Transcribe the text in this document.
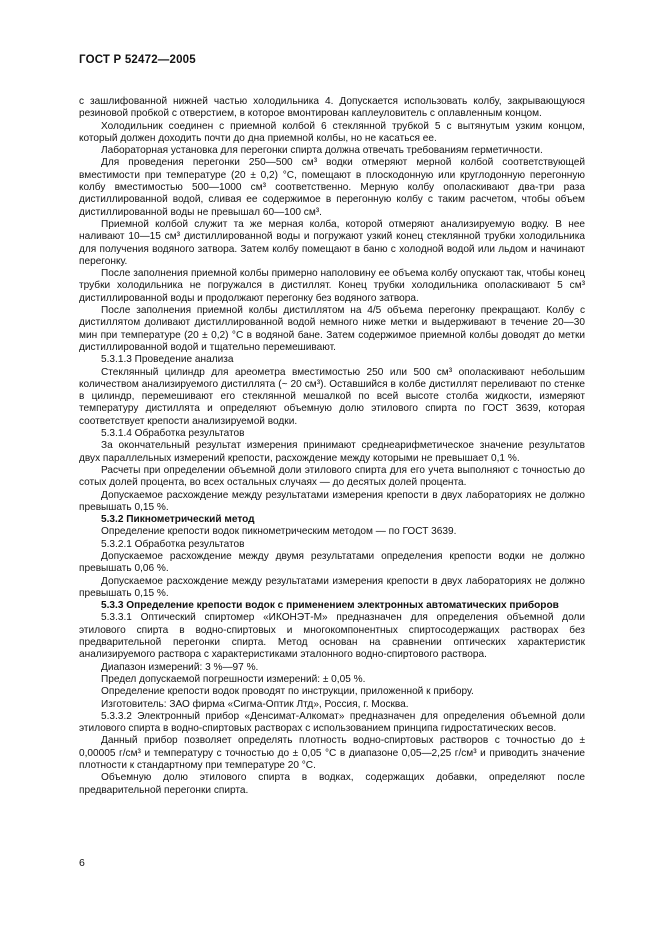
ГОСТ Р 52472—2005

с зашлифованной нижней частью холодильника 4. Допускается использовать колбу, закрывающуюся резиновой пробкой с отверстием, в которое вмонтирован каплеуловитель с оплавленным концом.

Холодильник соединен с приемной колбой 6 стеклянной трубкой 5 с вытянутым узким концом, который должен доходить почти до дна приемной колбы, но не касаться ее.

Лабораторная установка для перегонки спирта должна отвечать требованиям герметичности.

Для проведения перегонки 250—500 см³ водки отмеряют мерной колбой соответствующей вместимости при температуре (20 ± 0,2) °С, помещают в плоскодонную или круглодонную перегонную колбу вместимостью 500—1000 см³ соответственно. Мерную колбу ополаскивают два-три раза дистиллированной водой, сливая ее содержимое в перегонную колбу с таким расчетом, чтобы объем дистиллированной воды не превышал 60—100 см³.

Приемной колбой служит та же мерная колба, которой отмеряют анализируемую водку. В нее наливают 10—15 см³ дистиллированной воды и погружают узкий конец стеклянной трубки холодильника для получения водяного затвора. Затем колбу помещают в баню с холодной водой или льдом и начинают перегонку.

После заполнения приемной колбы примерно наполовину ее объема колбу опускают так, чтобы конец трубки холодильника не погружался в дистиллят. Конец трубки холодильника ополаскивают 5 см³ дистиллированной воды и продолжают перегонку без водяного затвора.

После заполнения приемной колбы дистиллятом на 4/5 объема перегонку прекращают. Колбу с дистиллятом доливают дистиллированной водой немного ниже метки и выдерживают в течение 20—30 мин при температуре (20 ± 0,2) °С в водяной бане. Затем содержимое приемной колбы доводят до метки дистиллированной водой и тщательно перемешивают.

5.3.1.3 Проведение анализа

Стеклянный цилиндр для ареометра вместимостью 250 или 500 см³ ополаскивают небольшим количеством анализируемого дистиллята (~ 20 см³). Оставшийся в колбе дистиллят переливают по стенке в цилиндр, перемешивают его стеклянной мешалкой по всей высоте столба жидкости, измеряют температуру дистиллята и определяют объемную долю этилового спирта по ГОСТ 3639, которая соответствует крепости анализируемой водки.

5.3.1.4 Обработка результатов

За окончательный результат измерения принимают среднеарифметическое значение результатов двух параллельных измерений крепости, расхождение между которыми не превышает 0,1 %.

Расчеты при определении объемной доли этилового спирта для его учета выполняют с точностью до сотых долей процента, во всех остальных случаях — до десятых долей процента.

Допускаемое расхождение между результатами измерения крепости в двух лабораториях не должно превышать 0,15 %.

5.3.2 Пикнометрический метод

Определение крепости водок пикнометрическим методом — по ГОСТ 3639.

5.3.2.1 Обработка результатов

Допускаемое расхождение между двумя результатами определения крепости водки не должно превышать 0,06 %.

Допускаемое расхождение между результатами измерения крепости в двух лабораториях не должно превышать 0,15 %.

5.3.3 Определение крепости водок с применением электронных автоматических приборов

5.3.3.1 Оптический спиртомер «ИКОНЭТ-М» предназначен для определения объемной доли этилового спирта в водно-спиртовых и многокомпонентных спиртосодержащих растворах без предварительной перегонки спирта. Метод основан на сравнении оптических характеристик анализируемого раствора с характеристиками эталонного водно-спиртового раствора.

Диапазон измерений: 3 %—97 %.

Предел допускаемой погрешности измерений: ± 0,05 %.

Определение крепости водок проводят по инструкции, приложенной к прибору.

Изготовитель: ЗАО фирма «Сигма-Оптик Лтд», Россия, г. Москва.

5.3.3.2 Электронный прибор «Денсимат-Алкомат» предназначен для определения объемной доли этилового спирта в водно-спиртовых растворах с использованием принципа гидростатических весов.

Данный прибор позволяет определять плотность водно-спиртовых растворов с точностью до ± 0,00005 г/см³ и температуру с точностью до ± 0,05 °С в диапазоне 0,05—2,25 г/см³ и приводить значение плотности к стандартному при температуре 20 °С.

Объемную долю этилового спирта в водках, содержащих добавки, определяют после предварительной перегонки спирта.

6
